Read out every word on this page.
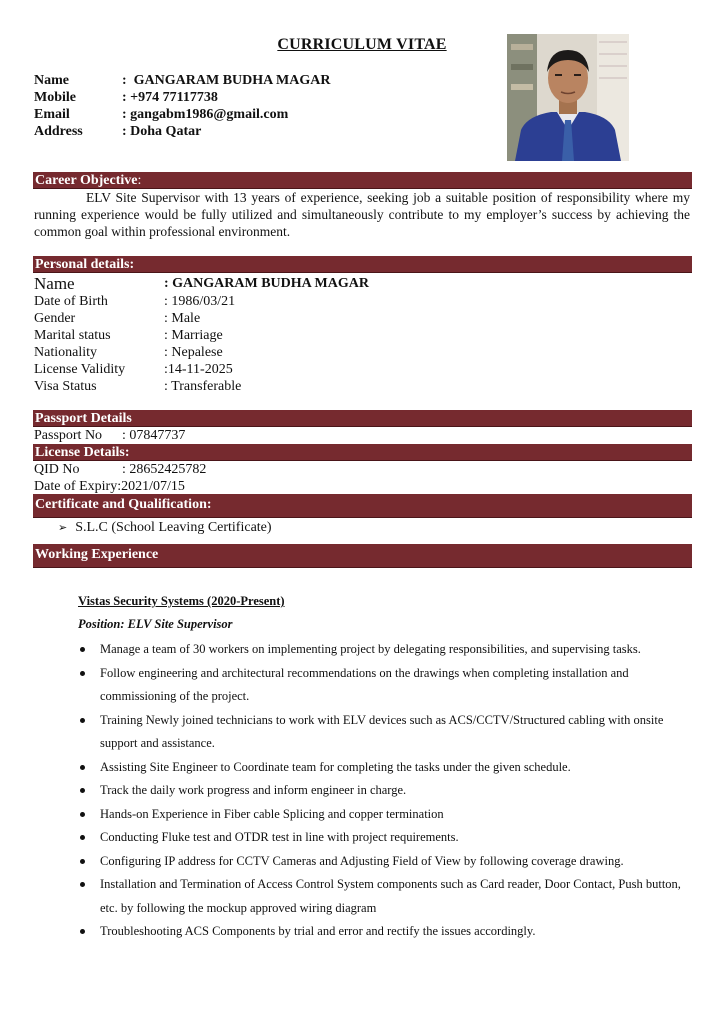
CURRICULUM VITAE
Name	:  GANGARAM BUDHA MAGAR
Mobile	: +974 77117738
Email	: gangabm1986@gmail.com
Address	: Doha Qatar
Career Objective:
ELV Site Supervisor with 13 years of experience, seeking job a suitable position of responsibility where my running experience would be fully utilized and simultaneously contribute to my employer’s success by achieving the common goal within professional environment.
Personal details:
Name	: GANGARAM BUDHA MAGAR
Date of Birth	: 1986/03/21
Gender	: Male
Marital status	: Marriage
Nationality	: Nepalese
License Validity	:14-11-2025
Visa Status	: Transferable
Passport Details
Passport No	: 07847737
License Details:
QID No	: 28652425782
Date of Expiry: 2021/07/15
Certificate and Qualification:
➢ S.L.C (School Leaving Certificate)
Working Experience
Vistas Security Systems (2020-Present)
Position: ELV Site Supervisor
Manage a team of 30 workers on implementing project by delegating responsibilities, and supervising tasks.
Follow engineering and architectural recommendations on the drawings when completing installation and commissioning of the project.
Training Newly joined technicians to work with ELV devices such as ACS/CCTV/Structured cabling with onsite support and assistance.
Assisting Site Engineer to Coordinate team for completing the tasks under the given schedule.
Track the daily work progress and inform engineer in charge.
Hands-on Experience in Fiber cable Splicing and copper termination
Conducting Fluke test and OTDR test in line with project requirements.
Configuring IP address for CCTV Cameras and Adjusting Field of View by following coverage drawing.
Installation and Termination of Access Control System components such as Card reader, Door Contact, Push button, etc. by following the mockup approved wiring diagram
Troubleshooting ACS Components by trial and error and rectify the issues accordingly.
